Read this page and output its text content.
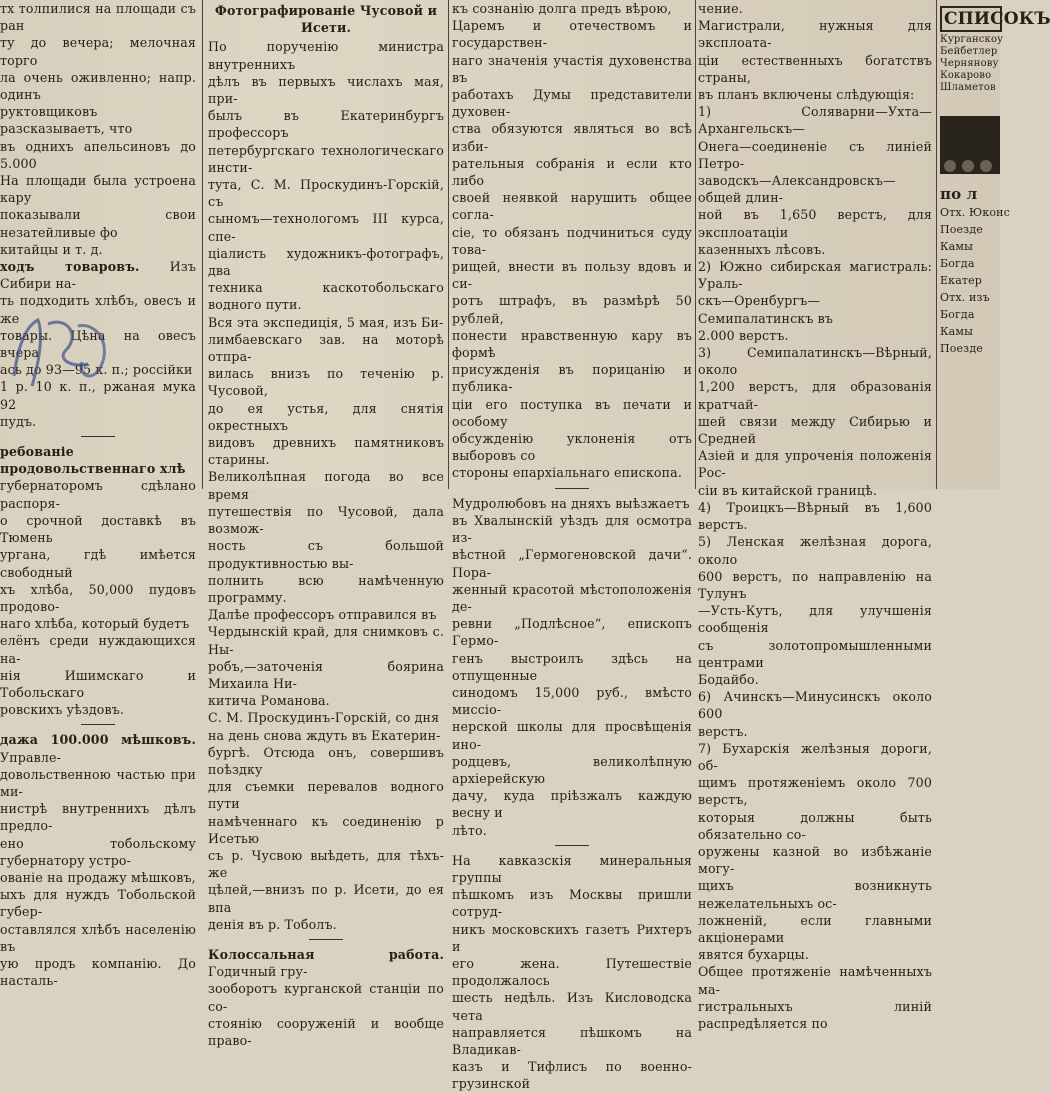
тх толпилися на площади съ ран
ту до вечера; мелочная торго
ла очень оживленно; напр. одинъ
руктовщиковъ разсказываетъ, что
въ однихъ апельсиновъ до 5.000
На площади была устроена кару
показывали свои незатейливые фо
китайцы и т. д.

ходъ товаровъ. Изъ Сибири на-

ть подходить хлѣбъ, овесъ и же
товары. Цѣна на овесъ вчера
ась до 93—95 к. п.; россійки
1 р. 10 к. п., ржаная мука 92
пудъ.

ребованіе продовольственнаго хлѣ

губернаторомъ сдѣлано распоря-
о срочной доставкѣ въ Тюмень
ургана, гдѣ имѣется свободный
хъ хлѣба, 50,000 пудовъ продово-
наго хлѣба, который будетъ
елёнъ среди нуждающихся на-
нія Ишимскаго и Тобольскаго
ровскихъ уѣздовъ.

дажа 100.000 мѣшковъ. Управле-

довольственною частью при ми-
нистрѣ внутреннихъ дѣлъ предло-
ено тобольскому губернатору устро-
ованіе на продажу мѣшковъ,
ыхъ для нуждъ Тобольской губер-
оставлялся хлѣбъ населенію въ
ую продъ компанію. До насталь-

Фотографированіе Чусовой и Исети.

По порученію министра внутреннихъ
дѣлъ въ первыхъ числахъ мая, при-
былъ въ Екатеринбургъ профессоръ
петербургскаго технологическаго инсти-
тута, С. М. Проскудинъ-Горскій, съ
сыномъ—технологомъ III курса, спе-
ціалисть художникъ-фотографъ, два
техника каскотобольскаго водного пути.
Вся эта экспедиція, 5 мая, изъ Би-
лимбаевскаго зав. на моторѣ отпра-
вилась внизъ по теченію р. Чусовой,
до ея устья, для снятія окрестныхъ
видовъ древнихъ памятниковъ старины.
Великолѣпная погода во все время
путешествія по Чусовой, дала возмож-
ность съ большой продуктивностью вы-
полнить всю намѣченную программу.
Далѣе профессоръ отправился въ
Чердынскій край, для снимковъ с. Ны-
робъ,—заточенія боярина Михаила Ни-
китича Романова.
С. М. Проскудинъ-Горскій, со дня
на день снова ждуть въ Екатерин-
бургѣ. Отсюда онъ, совершивъ поѣздку
для съемки перевалов водного пути
намѣченнаго къ соединенію р Исетью
съ р. Чусвою выѣдеть, для тѣхъ-же
цѣлей,—внизъ по р. Исети, до ея впа
денія въ р. Тоболъ.

Колоссальная работа. Годичный гру-

зооборотъ курганской станціи по со-
стоянію сооруженій и вообще право-
къ сознанію долга предъ вѣрою,
Царемъ и отечествомъ и государствен-
наго значенія участія духовенства въ
работахъ Думы представители духовен-
ства обязуются являться во всѣ изби-
рательныя собранія и если кто либо
своей неявкой нарушить общее согла-
сіе, то обязанъ подчиниться суду това-
рищей, внести въ пользу вдовъ и си-
ротъ штрафъ, въ размѣрѣ 50 рублей,
понести нравственную кару въ формѣ
присужденія въ порицанію и публика-
ціи его поступка въ печати и особому
обсужденію уклоненія отъ выборовъ со
стороны епархіальнаго епископа.
Мудролюбовъ на дняхъ выѣзжаетъ
въ Хвалынскій уѣздъ для осмотра из-
вѣстной „Гермогеновской дачи“. Пора-
женный красотой мѣстоположенія де-
ревни „Подлѣсное“, епископъ Гермо-
генъ выстроилъ здѣсь на отпущенные
синодомъ 15,000 руб., вмѣсто миссіо-
нерской школы для просвѣщенія ино-
родцевъ, великолѣпную архіерейскую
дачу, куда пріѣзжалъ каждую весну и
лѣто.
На кавказскія минеральныя группы
пѣшкомъ изъ Москвы пришли сотруд-
никъ московскихъ газетъ Рихтеръ и
его жена. Путешествіе продолжалось
шесть недѣль. Изъ Кисловодска чета
направляется пѣшкомъ на Владикав-
казъ и Тифлисъ по военно-грузинской
чение.
Магистрали, нужныя для эксплоата-
ціи естественныхъ богатствъ страны,
въ планъ включены слѣдующія:
1) Соляварни—Ухта—Архангельскъ—
Онега—соединеніе съ линіей Петро-
заводскъ—Александровскъ—общей длин-
ной въ 1,650 верстъ, для эксплоатаціи
казенныхъ лѣсовъ.
2) Южно сибирская магистраль: Ураль-
скъ—Оренбургъ—Семипалатинскъ въ
2.000 верстъ.
3) Семипалатинскъ—Вѣрный, около
1,200 верстъ, для образованія кратчай-
шей связи между Сибирью и Средней
Азіей и для упроченія положенія Рос-
сіи въ китайской границѣ.
4) Троицкъ—Вѣрный въ 1,600 верстъ.
5) Ленская желѣзная дорога, около
600 верстъ, по направленію на Тулунъ
—Усть-Кутъ, для улучшенія сообщенія
съ золотопромышленными центрами
Бодайбо.
6) Ачинскъ—Минусинскъ около 600
верстъ.
7) Бухарскія желѣзныя дороги, об-
щимъ протяженіемъ около 700 верстъ,
которыя должны быть обязательно со-
оружены казной во избѣжаніе могу-
щихъ возникнуть нежелательныхъ ос-
ложненій, если главными акціонерами
явятся бухарцы.
Общее протяженіе намѣченныхъ ма-
гистральныхъ линій распредѣляется по
СПИСОКЪ
Курганскоу
Бейбетлер
Чернянову
Кокарово
Шламетов
по л
Отх. Юконс
Поезде
Камы
Богда
Екатер
Отх. изъ
Богда
Камы
Поезде
